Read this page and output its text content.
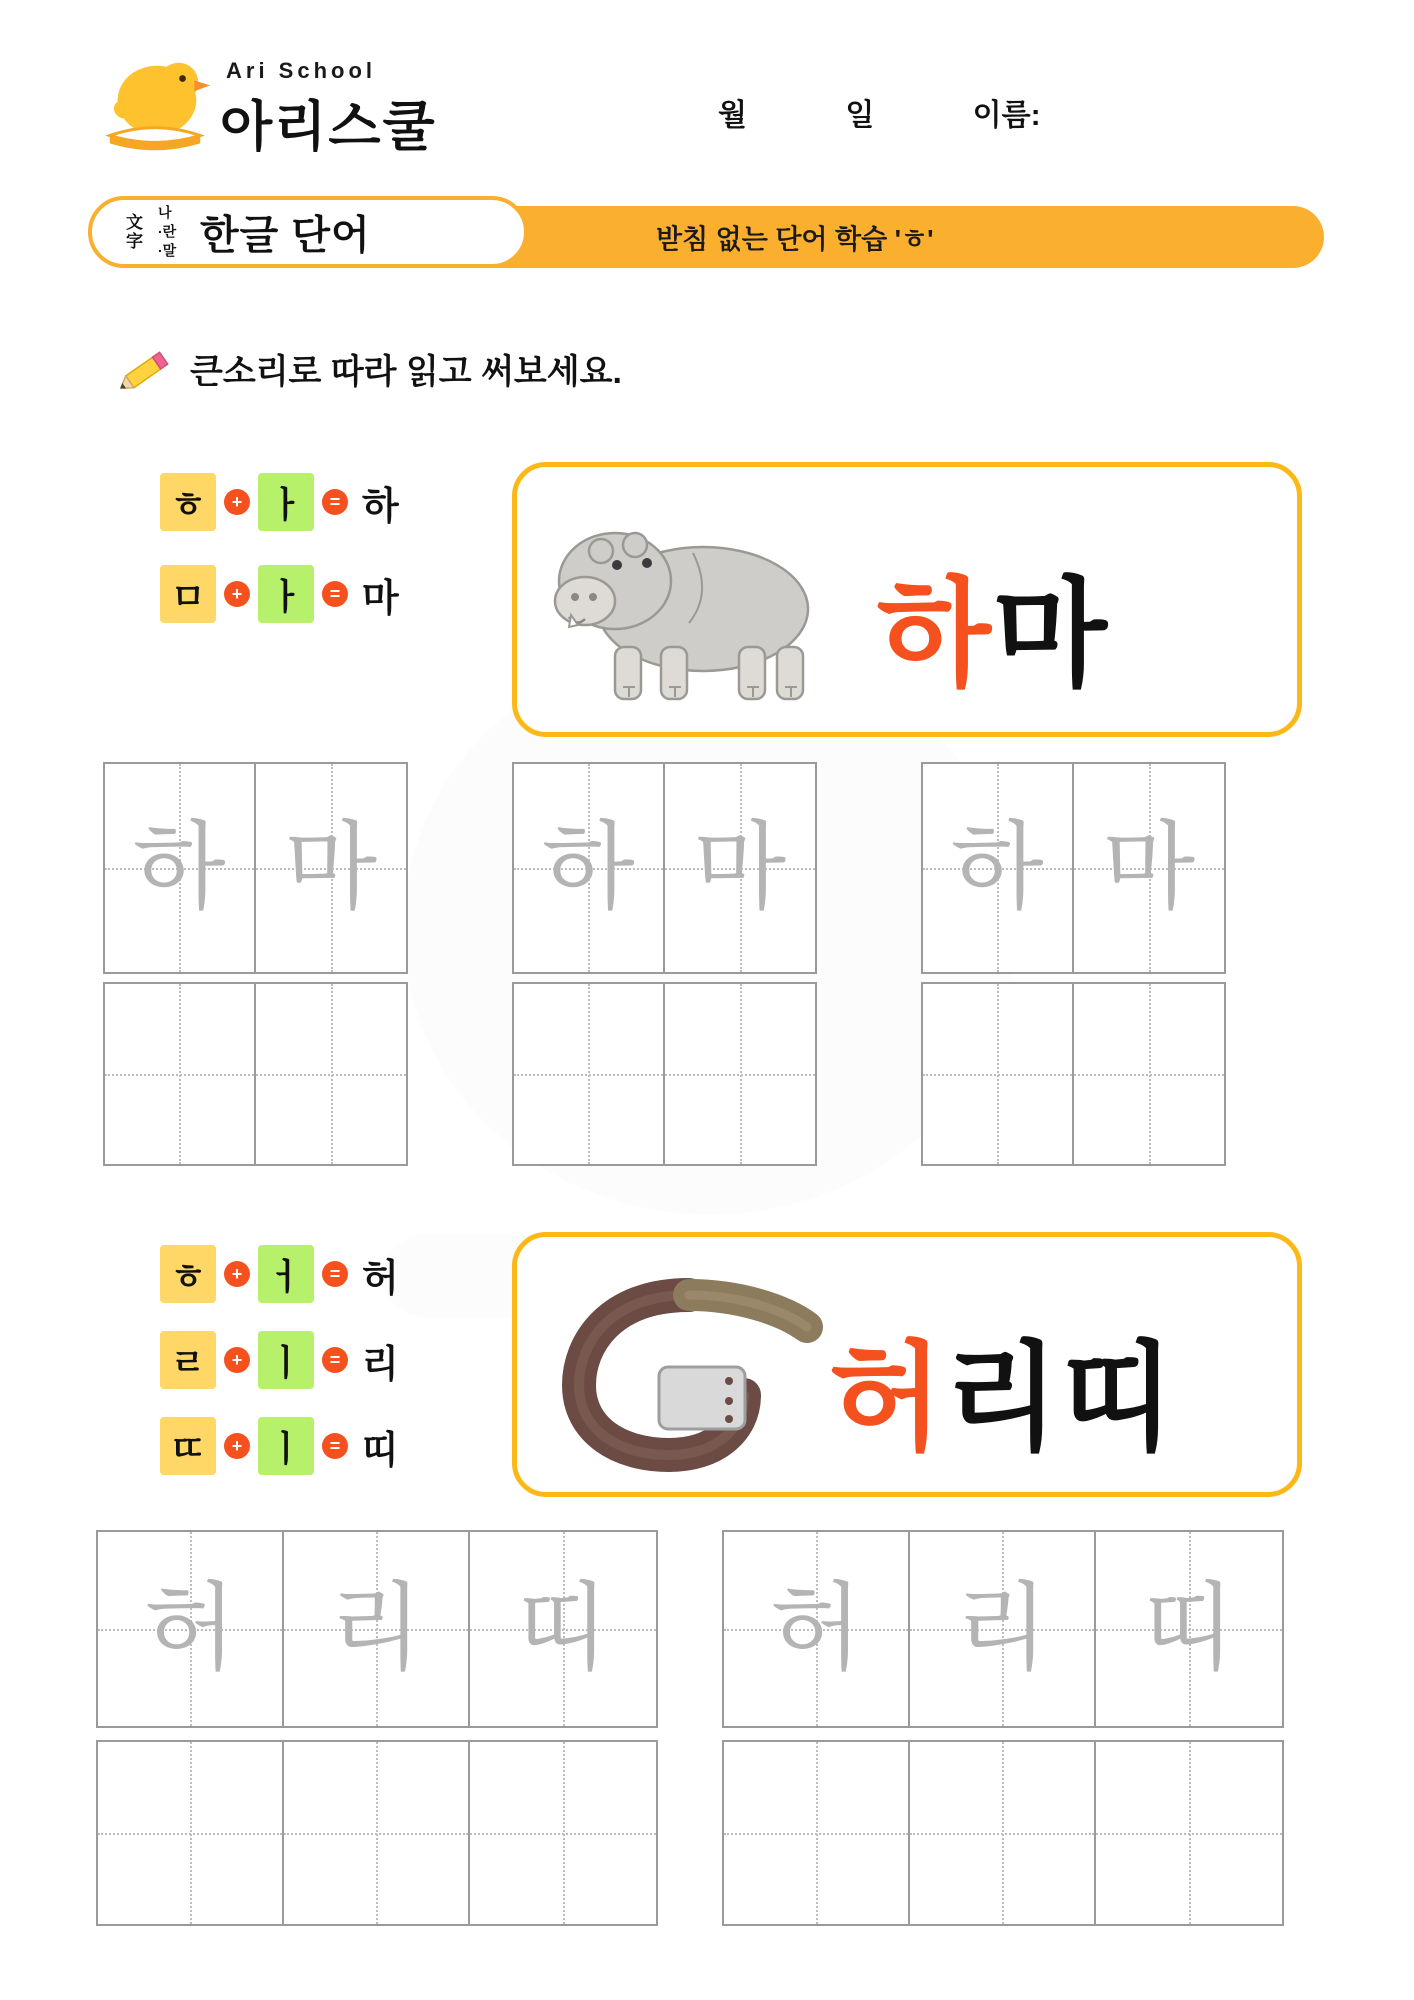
Ari School
아리스쿨	월	일	이름:
받침 없는 단어 학습 'ㅎ'
文
字
나
·란
·말 한글 단어
큰소리로 따라 읽고 써보세요.
ㅎ	+ ㅏ	= 하
ㅁ	+ ㅏ	= 마	하마
하 마 하 마 하 마
ㅎ	+ ㅓ	= 허
ㄹ	+ ㅣ	= 리
ㄸ	+ ㅣ	= 띠	허리띠
허 리 띠 허 리 띠
